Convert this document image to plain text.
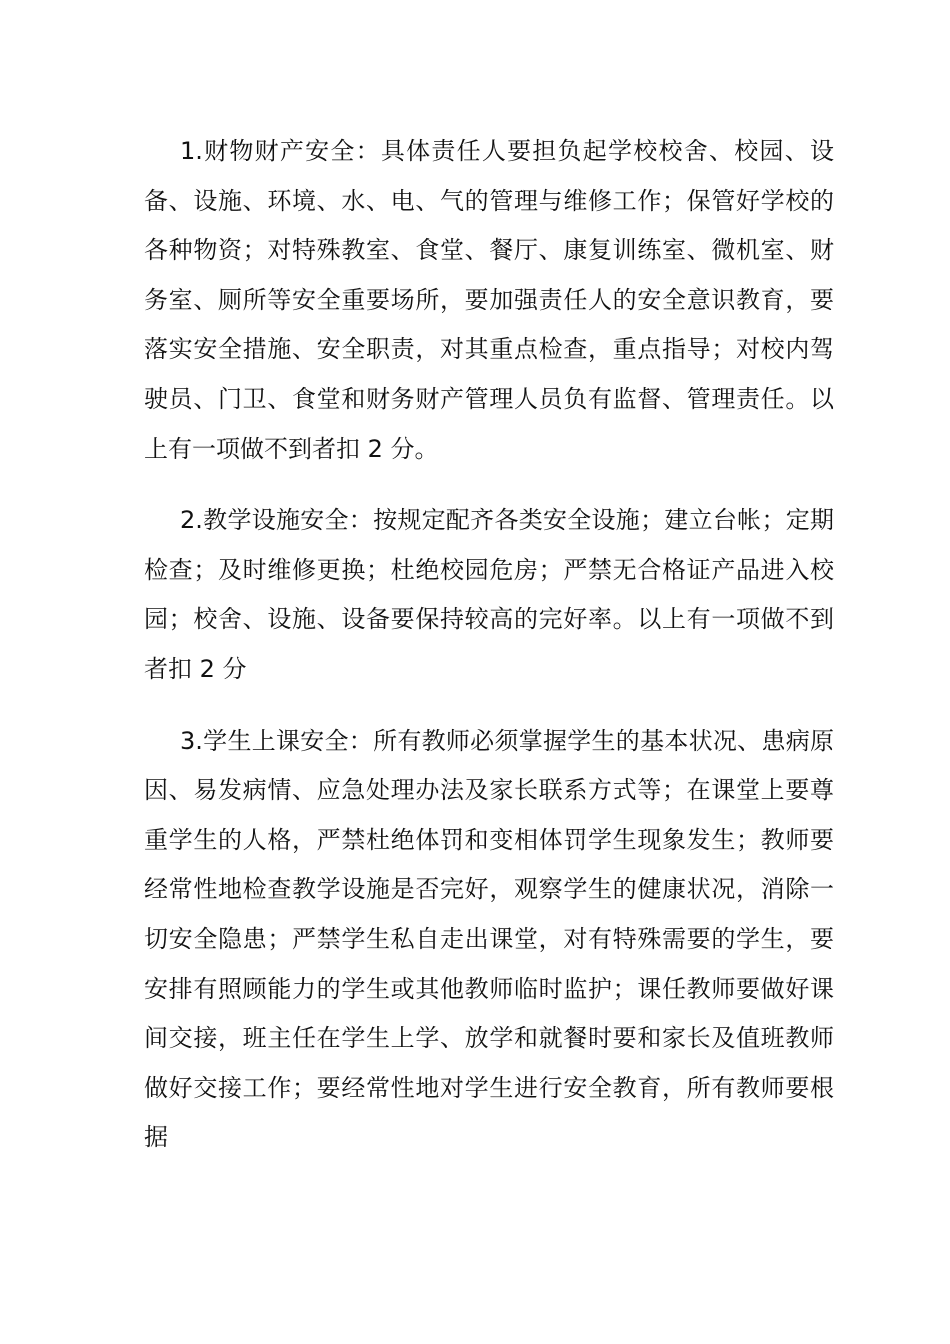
1.财物财产安全：具体责任人要担负起学校校舍、校园、设备、设施、环境、水、电、气的管理与维修工作；保管好学校的各种物资；对特殊教室、食堂、餐厅、康复训练室、微机室、财务室、厕所等安全重要场所，要加强责任人的安全意识教育，要落实安全措施、安全职责，对其重点检查，重点指导；对校内驾驶员、门卫、食堂和财务财产管理人员负有监督、管理责任。以上有一项做不到者扣 2 分。

2.教学设施安全：按规定配齐各类安全设施；建立台帐；定期检查；及时维修更换；杜绝校园危房；严禁无合格证产品进入校园；校舍、设施、设备要保持较高的完好率。以上有一项做不到者扣 2 分

3.学生上课安全：所有教师必须掌握学生的基本状况、患病原因、易发病情、应急处理办法及家长联系方式等；在课堂上要尊重学生的人格，严禁杜绝体罚和变相体罚学生现象发生；教师要经常性地检查教学设施是否完好，观察学生的健康状况，消除一切安全隐患；严禁学生私自走出课堂，对有特殊需要的学生，要安排有照顾能力的学生或其他教师临时监护；课任教师要做好课间交接，班主任在学生上学、放学和就餐时要和家长及值班教师做好交接工作；要经常性地对学生进行安全教育，所有教师要根据
